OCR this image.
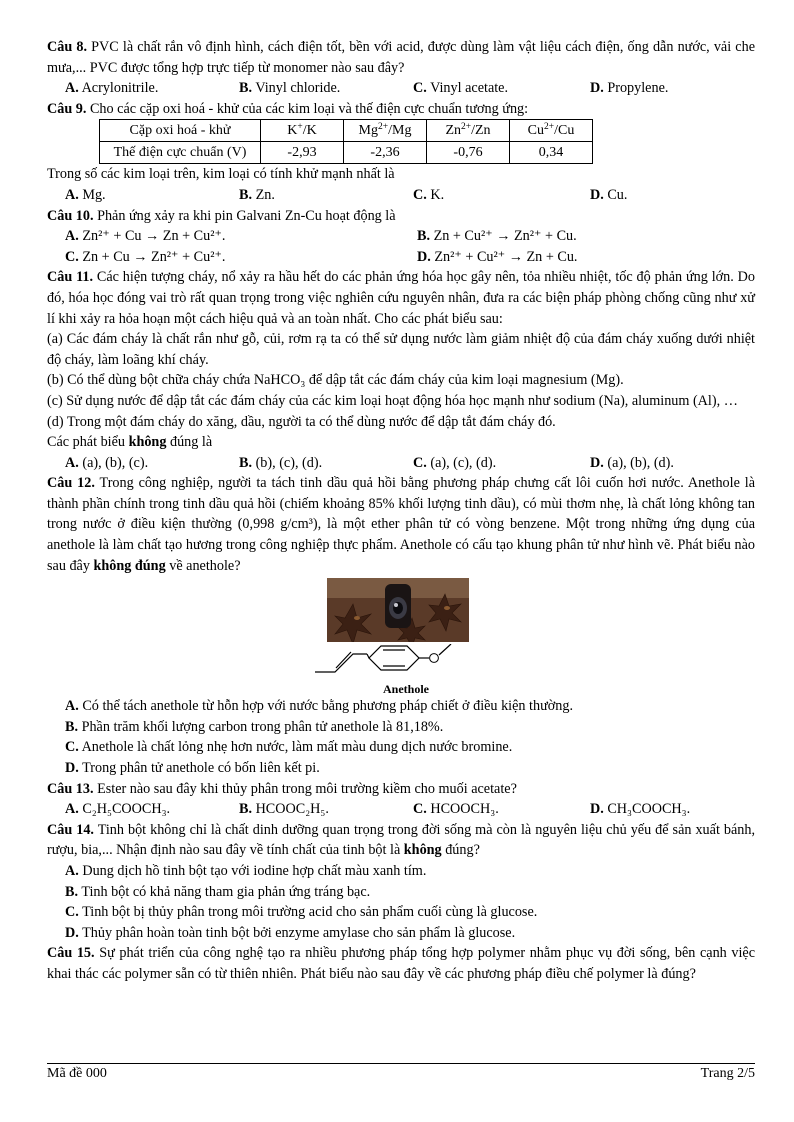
Câu 8. PVC là chất rắn vô định hình, cách điện tốt, bền với acid, được dùng làm vật liệu cách điện, ống dẫn nước, vải che mưa,... PVC được tổng hợp trực tiếp từ monomer nào sau đây?

A. Acrylonitrile.	B. Vinyl chloride.	C. Vinyl acetate.	D. Propylene.

Câu 9. Cho các cặp oxi hoá - khử của các kim loại và thế điện cực chuẩn tương ứng:

Cặp oxi hoá - khử	K+/K	$Mg^{2+}/Mg$	$Zn^{2+}/Zn$	$Cu^{2+}/Cu$
Thế điện cực chuẩn (V)	-2,93	-2,36	-0,76	0,34

Trong số các kim loại trên, kim loại có tính khử mạnh nhất là

A. Mg.	B. Zn.	C. K.	D. Cu.

Câu 10. Phản ứng xảy ra khi pin Galvani Zn-Cu hoạt động là

A. Zn²⁺ + Cu → Zn + Cu²⁺.	B. Zn + Cu²⁺ → Zn²⁺ + Cu.
C. Zn + Cu → Zn²⁺ + Cu²⁺.	D. Zn²⁺ + Cu²⁺ → Zn + Cu.

Câu 11. Các hiện tượng cháy, nổ xảy ra hầu hết do các phản ứng hóa học gây nên, tỏa nhiều nhiệt, tốc độ phản ứng lớn. Do đó, hóa học đóng vai trò rất quan trọng trong việc nghiên cứu nguyên nhân, đưa ra các biện pháp phòng chống cũng như xử lí khi xảy ra hỏa hoạn một cách hiệu quả và an toàn nhất. Cho các phát biểu sau:

(a) Các đám cháy là chất rắn như gỗ, củi, rơm rạ ta có thể sử dụng nước làm giảm nhiệt độ của đám cháy xuống dưới nhiệt độ cháy, làm loãng khí cháy.

(b) Có thể dùng bột chữa cháy chứa NaHCO₃ để dập tắt các đám cháy của kim loại magnesium (Mg).

(c) Sử dụng nước để dập tắt các đám cháy của các kim loại hoạt động hóa học mạnh như sodium (Na), aluminum (Al), …

(d) Trong một đám cháy do xăng, dầu, người ta có thể dùng nước để dập tắt đám cháy đó.

Các phát biểu không đúng là

A. (a), (b), (c).	B. (b), (c), (d).	C. (a), (c), (d).	D. (a), (b), (d).

Câu 12. Trong công nghiệp, người ta tách tinh dầu quả hồi bằng phương pháp chưng cất lôi cuốn hơi nước. Anethole là thành phần chính trong tinh dầu quả hồi (chiếm khoảng 85% khối lượng tinh dầu), có mùi thơm nhẹ, là chất lỏng không tan trong nước ở điều kiện thường (0,998 g/cm³), là một ether phân tử có vòng benzene. Một trong những ứng dụng của anethole là làm chất tạo hương trong công nghiệp thực phẩm. Anethole có cấu tạo khung phân tử như hình vẽ. Phát biểu nào sau đây không đúng về anethole?

Anethole

A. Có thể tách anethole từ hỗn hợp với nước bằng phương pháp chiết ở điều kiện thường.

B. Phần trăm khối lượng carbon trong phân tử anethole là 81,18%.

C. Anethole là chất lỏng nhẹ hơn nước, làm mất màu dung dịch nước bromine.

D. Trong phân tử anethole có bốn liên kết pi.

Câu 13. Ester nào sau đây khi thủy phân trong môi trường kiềm cho muối acetate?

A. C₂H₅COOCH₃.	B. HCOOC₂H₅.	C. HCOOCH₃.	D. CH₃COOCH₃.

Câu 14. Tinh bột không chỉ là chất dinh dưỡng quan trọng trong đời sống mà còn là nguyên liệu chủ yếu để sản xuất bánh, rượu, bia,... Nhận định nào sau đây về tính chất của tinh bột là không đúng?

A. Dung dịch hồ tinh bột tạo với iodine hợp chất màu xanh tím.

B. Tinh bột có khả năng tham gia phản ứng tráng bạc.

C. Tinh bột bị thủy phân trong môi trường acid cho sản phẩm cuối cùng là glucose.

D. Thủy phân hoàn toàn tinh bột bởi enzyme amylase cho sản phẩm là glucose.

Câu 15. Sự phát triển của công nghệ tạo ra nhiều phương pháp tổng hợp polymer nhằm phục vụ đời sống, bên cạnh việc khai thác các polymer sẵn có từ thiên nhiên. Phát biểu nào sau đây về các phương pháp điều chế polymer là đúng?

Mã đề 000	Trang 2/5
